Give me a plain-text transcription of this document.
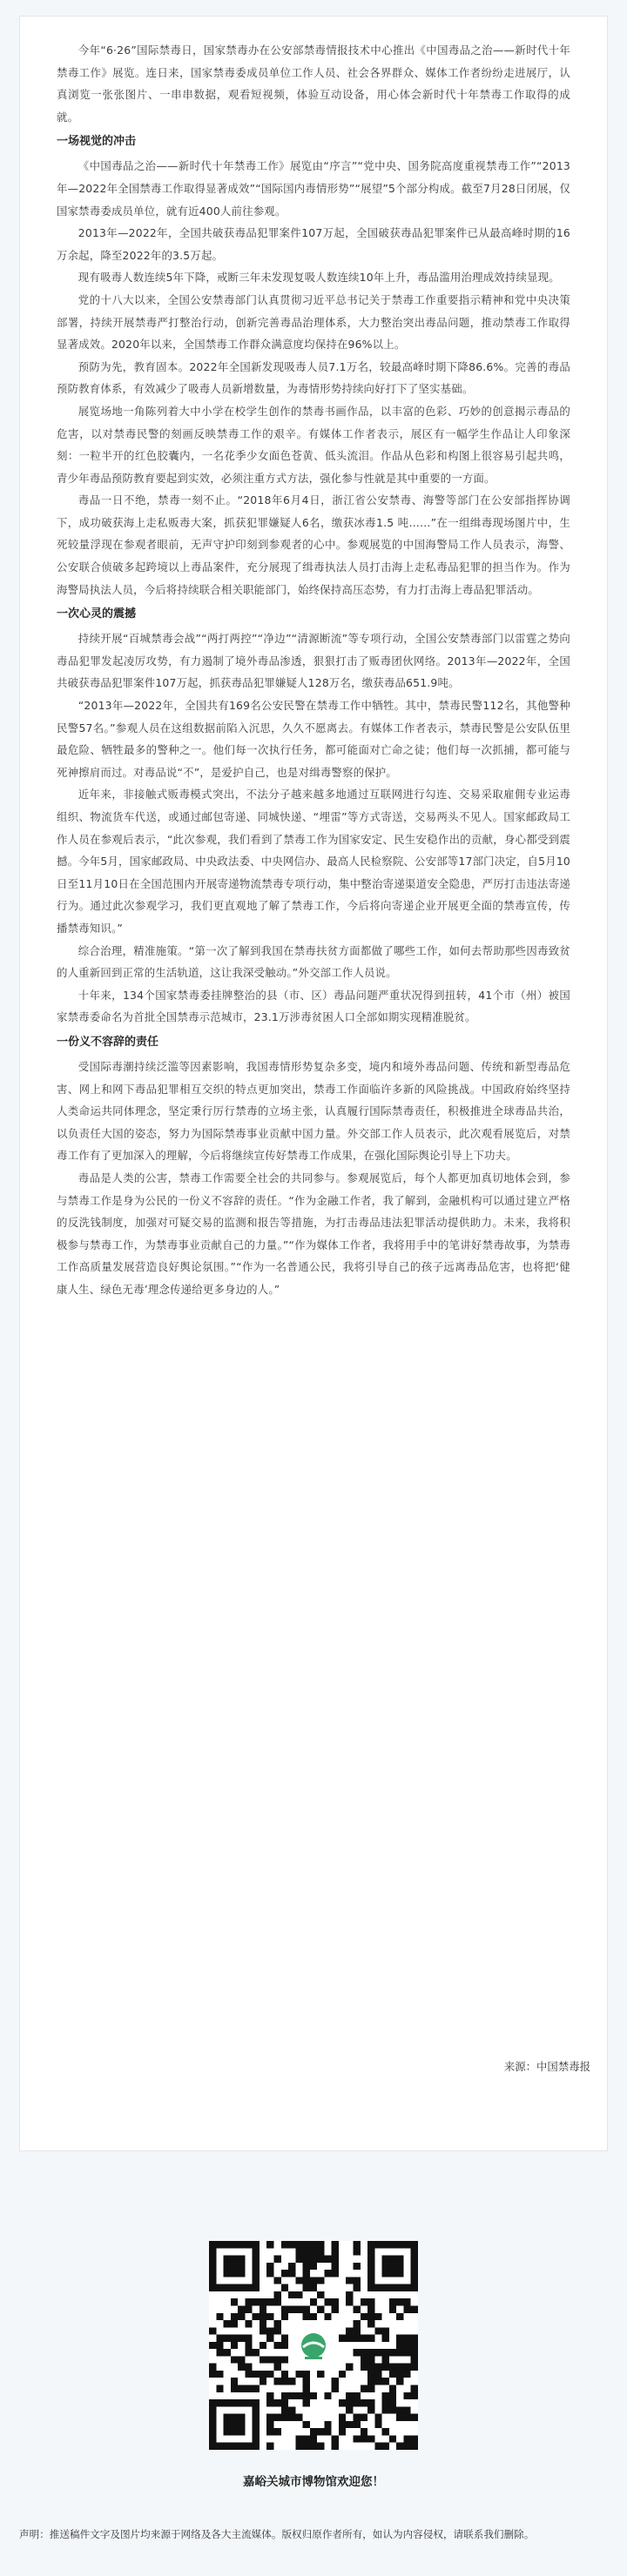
今年“6·26”国际禁毒日，国家禁毒办在公安部禁毒情报技术中心推出《中国毒品之治——新时代十年禁毒工作》展览。连日来，国家禁毒委成员单位工作人员、社会各界群众、媒体工作者纷纷走进展厅，认真浏览一张张图片、一串串数据，观看短视频，体验互动设备，用心体会新时代十年禁毒工作取得的成就。

一场视觉的冲击

《中国毒品之治——新时代十年禁毒工作》展览由“序言”“党中央、国务院高度重视禁毒工作”“2013年—2022年全国禁毒工作取得显著成效”“国际国内毒情形势”“展望”5个部分构成。截至7月28日闭展，仅国家禁毒委成员单位，就有近400人前往参观。

2013年—2022年，全国共破获毒品犯罪案件107万起，全国破获毒品犯罪案件已从最高峰时期的16万余起，降至2022年的3.5万起。

现有吸毒人数连续5年下降，戒断三年未发现复吸人数连续10年上升，毒品滥用治理成效持续显现。

党的十八大以来，全国公安禁毒部门认真贯彻习近平总书记关于禁毒工作重要指示精神和党中央决策部署，持续开展禁毒严打整治行动，创新完善毒品治理体系，大力整治突出毒品问题，推动禁毒工作取得显著成效。2020年以来，全国禁毒工作群众满意度均保持在96%以上。

预防为先，教育固本。2022年全国新发现吸毒人员7.1万名，较最高峰时期下降86.6%。完善的毒品预防教育体系，有效减少了吸毒人员新增数量，为毒情形势持续向好打下了坚实基础。

展览场地一角陈列着大中小学在校学生创作的禁毒书画作品，以丰富的色彩、巧妙的创意揭示毒品的危害，以对禁毒民警的刻画反映禁毒工作的艰辛。有媒体工作者表示，展区有一幅学生作品让人印象深刻：一粒半开的红色胶囊内，一名花季少女面色苍黄、低头流泪。作品从色彩和构图上很容易引起共鸣，青少年毒品预防教育要起到实效，必须注重方式方法，强化参与性就是其中重要的一方面。

毒品一日不绝，禁毒一刻不止。“2018年6月4日，浙江省公安禁毒、海警等部门在公安部指挥协调下，成功破获海上走私贩毒大案，抓获犯罪嫌疑人6名，缴获冰毒1.5 吨……”在一组缉毒现场图片中，生死较量浮现在参观者眼前，无声守护印刻到参观者的心中。参观展览的中国海警局工作人员表示，海警、公安联合侦破多起跨境以上毒品案件，充分展现了缉毒执法人员打击海上走私毒品犯罪的担当作为。作为海警局执法人员，今后将持续联合相关职能部门，始终保持高压态势，有力打击海上毒品犯罪活动。

一次心灵的震撼

持续开展“百城禁毒会战”“两打两控”“净边”“清源断流”等专项行动，全国公安禁毒部门以雷霆之势向毒品犯罪发起凌厉攻势，有力遏制了境外毒品渗透，狠狠打击了贩毒团伙网络。2013年—2022年，全国共破获毒品犯罪案件107万起，抓获毒品犯罪嫌疑人128万名，缴获毒品651.9吨。

“2013年—2022年，全国共有169名公安民警在禁毒工作中牺牲。其中，禁毒民警112名，其他警种民警57名。”参观人员在这组数据前陷入沉思，久久不愿离去。有媒体工作者表示，禁毒民警是公安队伍里最危险、牺牲最多的警种之一。他们每一次执行任务，都可能面对亡命之徒；他们每一次抓捕，都可能与死神擦肩而过。对毒品说“不”，是爱护自己，也是对缉毒警察的保护。

近年来，非接触式贩毒模式突出，不法分子越来越多地通过互联网进行勾连、交易采取雇佣专业运毒组织、物流货车代送，或通过邮包寄递、同城快递、“埋雷”等方式寄送，交易两头不见人。国家邮政局工作人员在参观后表示，“此次参观，我们看到了禁毒工作为国家安定、民生安稳作出的贡献，身心都受到震撼。今年5月，国家邮政局、中央政法委、中央网信办、最高人民检察院、公安部等17部门决定，自5月10日至11月10日在全国范围内开展寄递物流禁毒专项行动，集中整治寄递渠道安全隐患，严厉打击违法寄递行为。通过此次参观学习，我们更直观地了解了禁毒工作，今后将向寄递企业开展更全面的禁毒宣传，传播禁毒知识。”

综合治理，精准施策。“第一次了解到我国在禁毒扶贫方面都做了哪些工作，如何去帮助那些因毒致贫的人重新回到正常的生活轨道，这让我深受触动。”外交部工作人员说。

十年来，134个国家禁毒委挂牌整治的县（市、区）毒品问题严重状况得到扭转，41个市（州）被国家禁毒委命名为首批全国禁毒示范城市，23.1万涉毒贫困人口全部如期实现精准脱贫。

一份义不容辞的责任

受国际毒潮持续泛滥等因素影响，我国毒情形势复杂多变，境内和境外毒品问题、传统和新型毒品危害、网上和网下毒品犯罪相互交织的特点更加突出，禁毒工作面临许多新的风险挑战。中国政府始终坚持人类命运共同体理念，坚定秉行厉行禁毒的立场主张，认真履行国际禁毒责任，积极推进全球毒品共治，以负责任大国的姿态，努力为国际禁毒事业贡献中国力量。外交部工作人员表示，此次观看展览后，对禁毒工作有了更加深入的理解，今后将继续宣传好禁毒工作成果，在强化国际舆论引导上下功夫。

毒品是人类的公害，禁毒工作需要全社会的共同参与。参观展览后，每个人都更加真切地体会到，参与禁毒工作是身为公民的一份义不容辞的责任。“作为金融工作者，我了解到，金融机构可以通过建立严格的反洗钱制度，加强对可疑交易的监测和报告等措施，为打击毒品违法犯罪活动提供助力。未来，我将积极参与禁毒工作，为禁毒事业贡献自己的力量。”“作为媒体工作者，我将用手中的笔讲好禁毒故事，为禁毒工作高质量发展营造良好舆论氛围。”“作为一名普通公民，我将引导自己的孩子远离毒品危害，也将把‘健康人生、绿色无毒’理念传递给更多身边的人。”

来源：中国禁毒报
嘉峪关城市博物馆欢迎您！
声明：推送稿件文字及图片均来源于网络及各大主流媒体。版权归原作者所有，如认为内容侵权，请联系我们删除。
